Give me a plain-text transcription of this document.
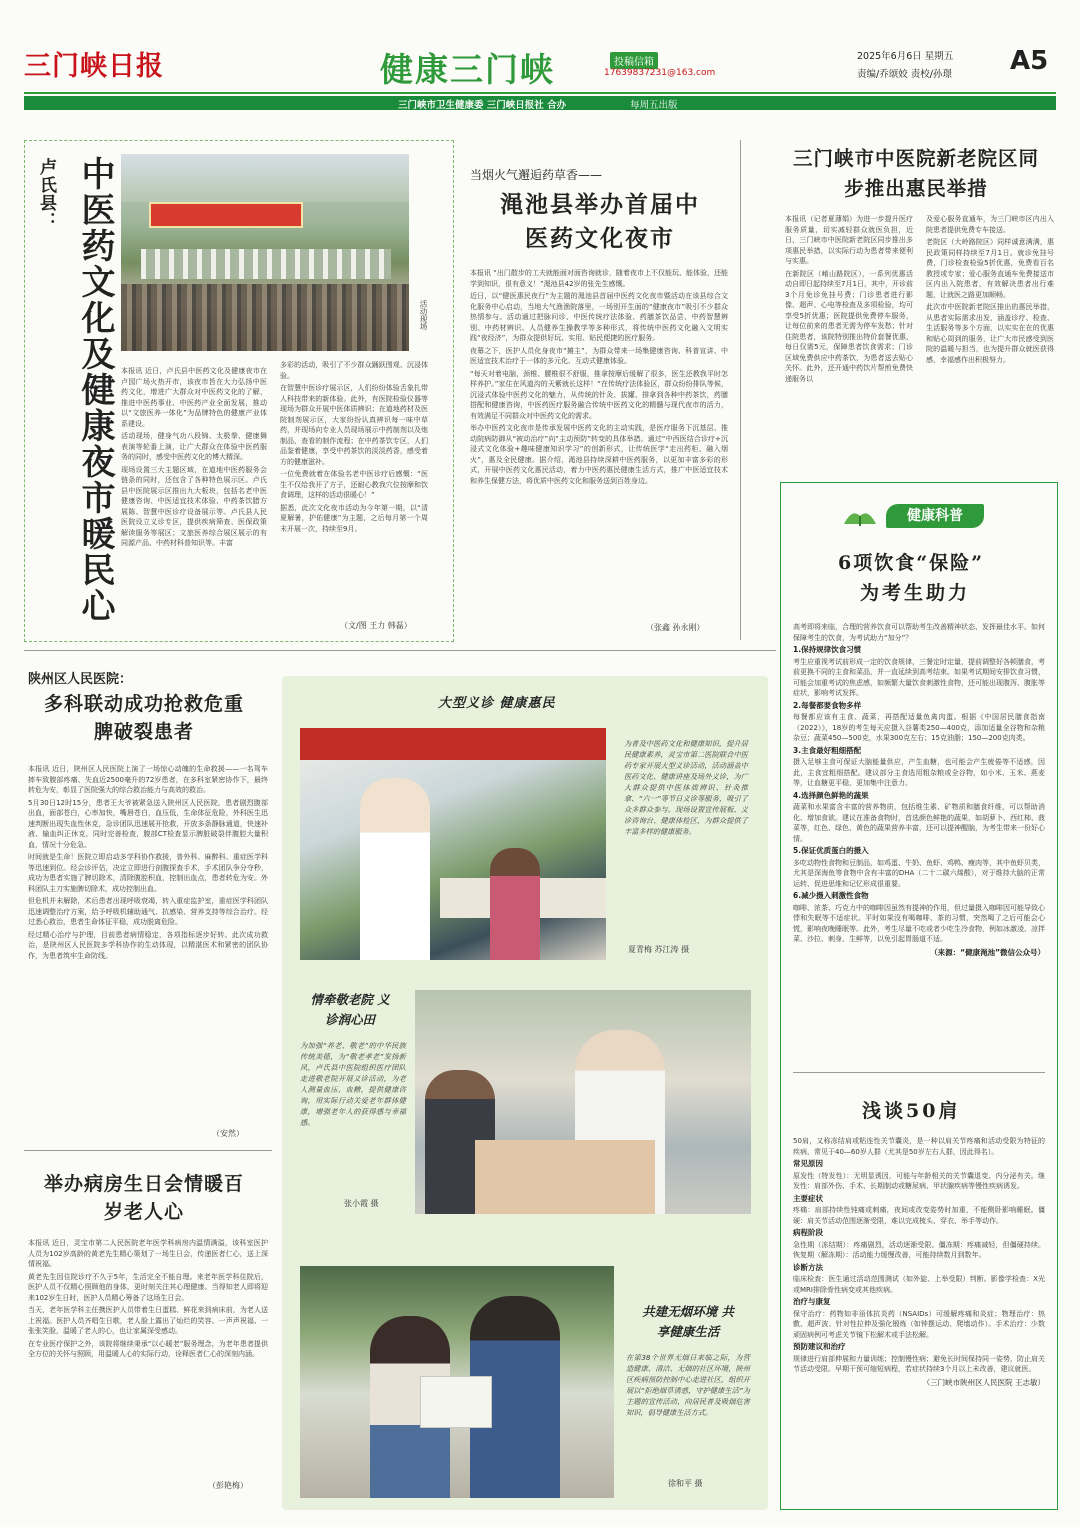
三门峡日报	健康三门峡	投稿信箱
17639837231@163.com
2025年6月6日 星期五
责编/乔颂姣 责校/孙璟 A5
三门峡市卫生健康委 三门峡日报社 合办	每周五出版
卢氏县： 中医药文化及健康夜市暖民心	活动现场

本报讯 近日，卢氏县中医药文化及健康夜市在卢园广场火热开市，该夜市旨在大力弘扬中医药文化，增进广大群众对中医药文化的了解，推进中医药事业、中医药产业全面发展，推动以“文旅医养一体化”为品牌特色的健康产业体系建设。

活动现场，健身气功八段锦、太极拳、健康舞表演等轮番上演，让广大群众在体验中医药服务的同时，感受中医药文化的博大精深。

现场设置三大主题区域，在道地中医药服务会链条的同时，还包含了各种特色展示区。卢氏县中医院展示区推出九大板块，包括名老中医健康咨询、中医适宜技术体验、中药茶饮腊方展陈、智慧中医诊疗设备展示等。卢氏县人民医院设立义诊专区，提供疾病筛查、医保政策解读服务等展区；文旅医养综合展区展示的有同源产品、中药材科普知识等。丰富

多彩的活动，吸引了不少群众踊跃围观、沉浸体验。

在智慧中医诊疗展示区，人们纷纷体验舌象扎带人科技带来的新体验。此外，有医院检验仪器等现场为群众开展中医体质辨识；在道地药材及医院制剂展示区，大家纷纷认真辨识每一味中草药，并现场向专业人员现场展示中药制剂以及炮制品，查看的制作流程；在中药茶饮专区，人们品鉴着健康，享受中药茶饮的淡淡药香，感受着方的健康滋补。

一位免费就着在体验名老中医诊疗后感慨：“医生不仅给我开了方子，还耐心教我穴位按摩和饮食调理，这样的活动很暖心！”

据悉，此次文化夜市活动为今年第一期，以“清夏解暑，护佑健康”为主题，之后每月第一个周末开展一次，持续至9月。

（文/图 王力 韩磊）
当烟火气邂逅药草香——
渑池县举办首届中医药文化夜市

本报讯 “出门散步的工夫就能面对面咨询就诊，随着夜市上不仅能玩、能体验，还能学到知识，很有意义！”渑池县42岁的张先生感慨。

近日，以“健医惠民夜行”为主题的渑池县首届中医药文化夜市暨活动在该县综合文化服务中心启动，当地大气渔渔院落里，一场别开生面的“健康夜市”吸引不少群众热情参与。活动通过把脉问诊、中医传统疗法体验、药膳茶饮品尝、中药智慧辨别、中药材辨识、人员健养生操教学等多种形式，将传统中医药文化融入文明实践“夜经济”，为群众提供好玩、实用、贴民便捷的医疗服务。

夜幕之下，医护人员化身夜市“摊主”，为群众带来一场集健康咨询、科普宣讲、中医适宜技术治疗于一体的多元化、互动式健康体验。

“每天对着电脑，颈椎、腰椎很不舒服，推拿按摩后缓解了很多，医生还教我平时怎样养护。”家住在风道沟的天紫就长这样！“在传统疗法体验区，群众纷纷排队等候，沉浸式体验中医药文化的魅力，从传统的针灸、拔罐、排拿到各种中药茶饮，药膳搭配和健康咨询，中医药医疗服务融合传统中医药文化的精髓与现代夜市的活力，有效满足不同群众对中医药文化的需求。

举办中医药文化夜市是传承发展中医药文化的主动实践，是医疗服务下沉基层、推动院病防御从“被动治疗”向“主动预防”转变的具体举措。通过“中西医结合诊疗+沉浸式文化体验+趣味健康知识学习”的创新形式，让传统医学“走出药柜、融入烟火”，惠及全民健康。据介绍，渑池县持续深耕中医药服务，以更加丰富多彩的形式，开展中医药文化惠民活动，着力中医药惠民健康生活方式，推广中医适宜技术和养生保健方法，将优质中医药文化和服务送到百姓身边。

（张鑫 孙永刚）
三门峡市中医院新老院区同步推出惠民举措

本报讯（记者夏薄娟）为进一步提升医疗服务质量，切实减轻群众就医负担，近日，三门峡市中医院新老院区同步推出多项惠民举措，以实际行动为患者带来便利与实惠。

在新院区（崤山路院区），一系列优惠活动自即日起持续至7月1日，其中，开诊前3个月免诊免挂号费；门诊患者进行影像、超声、心电等检查及多项检验，均可享受5折优惠；医院提供免费停车服务，让每位前来的患者无需为停车发愁；针对住院患者，该院特别推出特价套餐优惠，每日仅需5元，保障患者饮食需求；门诊区域免费供应中药茶饮，为患者送去贴心关怀。此外，还开通中药饮片帮煎免费快递服务以

及爱心服务直通车，为三门峡市区内出入院患者提供免费专车接送。

老院区（大岭路院区）同样诚意满满，惠民政策同样持续至7月1日。就诊免挂号费，门诊检查检验5折优惠，免费看百名教授或专家；爱心服务直通车免费接送市区内出入院患者，有效解决患者出行难题，让就医之路更加顺畅。

此次市中医院新老院区推出的惠民举措，从患者实际需求出发，涵盖诊疗、检查、生活服务等多个方面，以实实在在的优惠和贴心周到的服务，让广大市民感受到医院的温暖与担当，也为提升群众就医获得感、幸福感作出积极努力。

陕州区人民医院：
多科联动成功抢救危重脾破裂患者

本报讯 近日，陕州区人民医院上演了一场惊心动魄的生命救援——一名驾车摔车致腹部疼痛、失血近2500毫升的72岁患者，在多科室紧密协作下，最终转危为安，彰显了医院强大的综合救治能力与高效的救治。

5月30日12时15分，患者王大爷被紧急送入陕州区人民医院，患者剧烈腹部出血，面部苍白，心率加快，嘴唇苍白，血压低，生命体征危险，外科医生迅速判断出现失血性休克，急诊团队迅速展开抢救，开放多条静脉通道，快速补液、输血纠正休克，同时完善检查，腹部CT检查显示脾脏破裂伴腹腔大量积血，情况十分危急。

时间就是生命！医院立即启动多学科协作救援，普外科、麻醉科、重症医学科等迅速到位。经会诊评估，决定立即进行剖腹探查手术，手术团队争分夺秒，成功为患者实施了脾切除术，清除腹腔积血，控制出血点，患者转危为安。外科团队主刀实施脾切除术，成功控制出血。

但危机并未解除，术后患者出现呼吸衰竭，转入重症监护室，重症医学科团队迅速调整治疗方案，给予呼吸机辅助通气、抗感染、营养支持等综合治疗。经过悉心救治，患者生命体征平稳，成功脱离危险。

经过精心治疗与护理，目前患者病情稳定，各项指标逐步好转。此次成功救治，是陕州区人民医院多学科协作的生动体现，以精湛医术和紧密的团队协作，为患者筑牢生命防线。

（安然）
举办病房生日会情暖百岁老人心

本报讯 近日，灵宝市第二人民医院老年医学科病房内温情满溢，该科室医护人员为102岁高龄的黄老先生精心策划了一场生日会，传递医者仁心，送上深情祝福。

黄老先生因住院诊疗不久于5年，生活完全不能自理。来老年医学科住院后，医护人员不仅精心照顾他的身体，更时刻关注其心理健康。当得知老人即将迎来102岁生日时，医护人员精心筹备了这场生日会。

当天，老年医学科主任携医护人员带着生日蛋糕、鲜花来到病床前，为老人送上祝福。医护人员齐唱生日歌，老人脸上露出了灿烂的笑容。一声声祝福、一张张笑脸，温暖了老人的心，也让家属深受感动。

在专业医疗保护之外，该院将继续秉承“以心暖老”服务理念，为老年患者提供全方位的关怀与照顾，用温暖人心的实际行动，诠释医者仁心的深刻内涵。

（彭艳梅）
大型义诊 健康惠民

为普及中医药文化和健康知识，提升居民健康素养，灵宝市第二医院联合中医药专家开展大型义诊活动，活动涵盖中医药文化、健康讲座及场外义诊，为广大群众提供中医体质辨识、针灸推拿、“六一”等节日义诊等服务，吸引了众多群众参与。现场设置宣传展板、义诊咨询台、健康体检区，为群众提供了丰富多样的健康服务。

夏青梅 苏江涛 摄
情牵敬老院 义诊润心田

为加强“养老、敬老”的中华民族传统美德，为“敬老孝老”发扬新风，卢氏县中医院组织医疗团队走进敬老院开展义诊活动，为老人测量血压、血糖，提供健康咨询，用实际行动关爱老年群体健康，增强老年人的获得感与幸福感。

张小霞 摄
共建无烟环境 共享健康生活

在第38个世界无烟日来临之际，为营造健康、清洁、无烟的社区环境，陕州区疾病预防控制中心走进社区，组织开展以“拒绝烟草诱惑，守护健康生活”为主题的宣传活动，向居民普及吸烟危害知识，倡导健康生活方式。

徐和平 摄
健康科普
6项饮食“保险”
为考生助力

高考即将来临，合理的营养饮食可以帮助考生改善精神状态、发挥最佳水平。如何保障考生的饮食，为考试助力“加分”？

1.保持规律饮食习惯

考生应重视考试前形成一定的饮食规律，三餐定时定量，提前调整好各顿膳食，考前更换不同的主食和菜品，并一直延续到高考结束。如果考试期间安排饮食习惯，可能会加重考试的焦虑感，如频繁大量饮食刺激性食物，还可能出现腹泻、腹胀等症状，影响考试发挥。

2.每餐都要食物多样

每餐都应该有主食、蔬菜，再搭配适量鱼禽肉蛋。根据《中国居民膳食指南（2022）》，18岁的考生每天应摄入谷薯类250—400克，添加适量全谷物和杂粮杂豆；蔬菜450—500克，水果300克左右；15克油脂；150—200克肉类。

3.主食最好粗细搭配

摄入足够主食可保证大脑能量供应，产生血糖，也可能会产生疲倦等不适感，因此，主食宜粗细搭配。建议部分主食选用粗杂粮或全谷物，如小米、玉米、燕麦等，让血糖更平稳，更加集中注意力。

4.选择颜色鲜艳的蔬果

蔬菜和水果富含丰富的营养物质，包括维生素、矿物质和膳食纤维，可以帮助消化、增加食欲。建议在准备食物时，首选颜色鲜艳的蔬果，如胡萝卜、西红柿、菠菜等，红色、绿色、黄色的蔬果营养丰富，还可以提神醒脑，为考生带来一份好心情。

5.保证优质蛋白的摄入

多吃动物性食物和豆制品，如鸡蛋、牛奶、鱼虾、鸡鸭、瘦肉等，其中鱼虾贝类，尤其是深海鱼等食物中含有丰富的DHA（二十二碳六烯酸），对于维持大脑的正常运转、促进思维和记忆形成很重要。

6.减少摄入刺激性食物

咖啡、浓茶、巧克力中的咖啡因虽然有提神的作用，但过量摄入咖啡因可能导致心悸和失眠等不适症状。平时如果没有喝咖啡、茶的习惯，突然喝了之后可能会心慌，影响夜晚睡眠等。此外，考生尽量不吃或者少吃生冷食物，例如冰激凌、凉拌菜、沙拉、刺身、生鲜等，以免引起胃肠道不适。

（来源：“健康渑池”微信公众号）
浅谈50肩

50肩，又称冻结肩或粘连性关节囊炎，是一种以肩关节疼痛和活动受限为特征的疾病，常见于40—60岁人群（尤其是50岁左右人群，因此得名）。

常见原因

原发性（特发性）：无明显诱因，可能与年龄相关的关节囊退变、内分泌有关。继发性：肩部外伤、手术、长期制动或糖尿病、甲状腺疾病等慢性疾病诱发。

主要症状

疼痛：肩部持续性钝痛或刺痛，夜间或改变姿势时加重，不能侧卧影响睡眠。僵硬：肩关节活动范围逐渐受限，难以完成梳头、穿衣、举手等动作。

病程阶段

急性期（冻结期）：疼痛剧烈，活动逐渐受限。僵冻期：疼痛减轻，但僵硬持续。恢复期（解冻期）：活动能力缓慢改善，可能持续数月到数年。

诊断方法

临床检查：医生通过活动范围测试（如外旋、上举受限）判断。影像学检查：X光或MRI排除骨性病变或其他疾病。

治疗与康复

保守治疗：药物如非甾体抗炎药（NSAIDs）可缓解疼痛和炎症；物理治疗：热敷、超声波、针对性拉伸及强化锻炼（如钟摆运动、爬墙动作）。手术治疗：少数顽固病例可考虑关节镜下松解术或手法松解。

预防建议和治疗

规律进行肩部伸展和力量训练；控制慢性病；避免长时间保持同一姿势，防止肩关节活动受限。早期干预可缩短病程，若症状持续3个月以上未改善，建议就医。

（三门峡市陕州区人民医院 王志敏）
